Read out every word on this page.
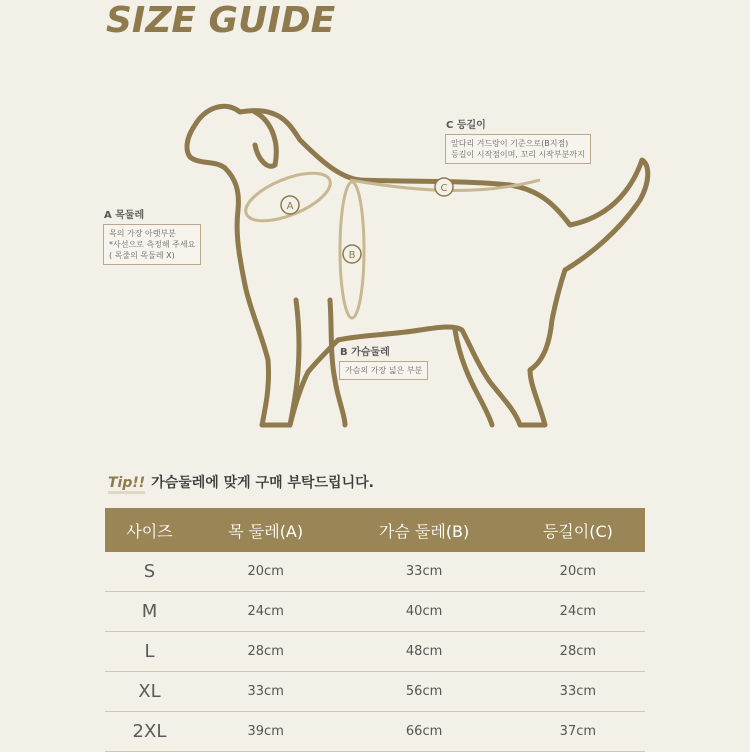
SIZE GUIDE
A
B
C
A 목둘레
목의 가장 아랫부분
*사선으로 측정해 주세요
( 목줄의 목둘레 X)
C 등길이
앞다리 겨드랑이 기준으로(B지점)
등길이 시작점이며, 꼬리 시작부분까지
B 가슴둘레
가슴의 가장 넓은 부분
Tip!! 가슴둘레에 맞게 구매 부탁드립니다.
사이즈	목 둘레(A)	가슴 둘레(B)	등길이(C)
S	20cm	33cm	20cm
M	24cm	40cm	24cm
L	28cm	48cm	28cm
XL	33cm	56cm	33cm
2XL	39cm	66cm	37cm
